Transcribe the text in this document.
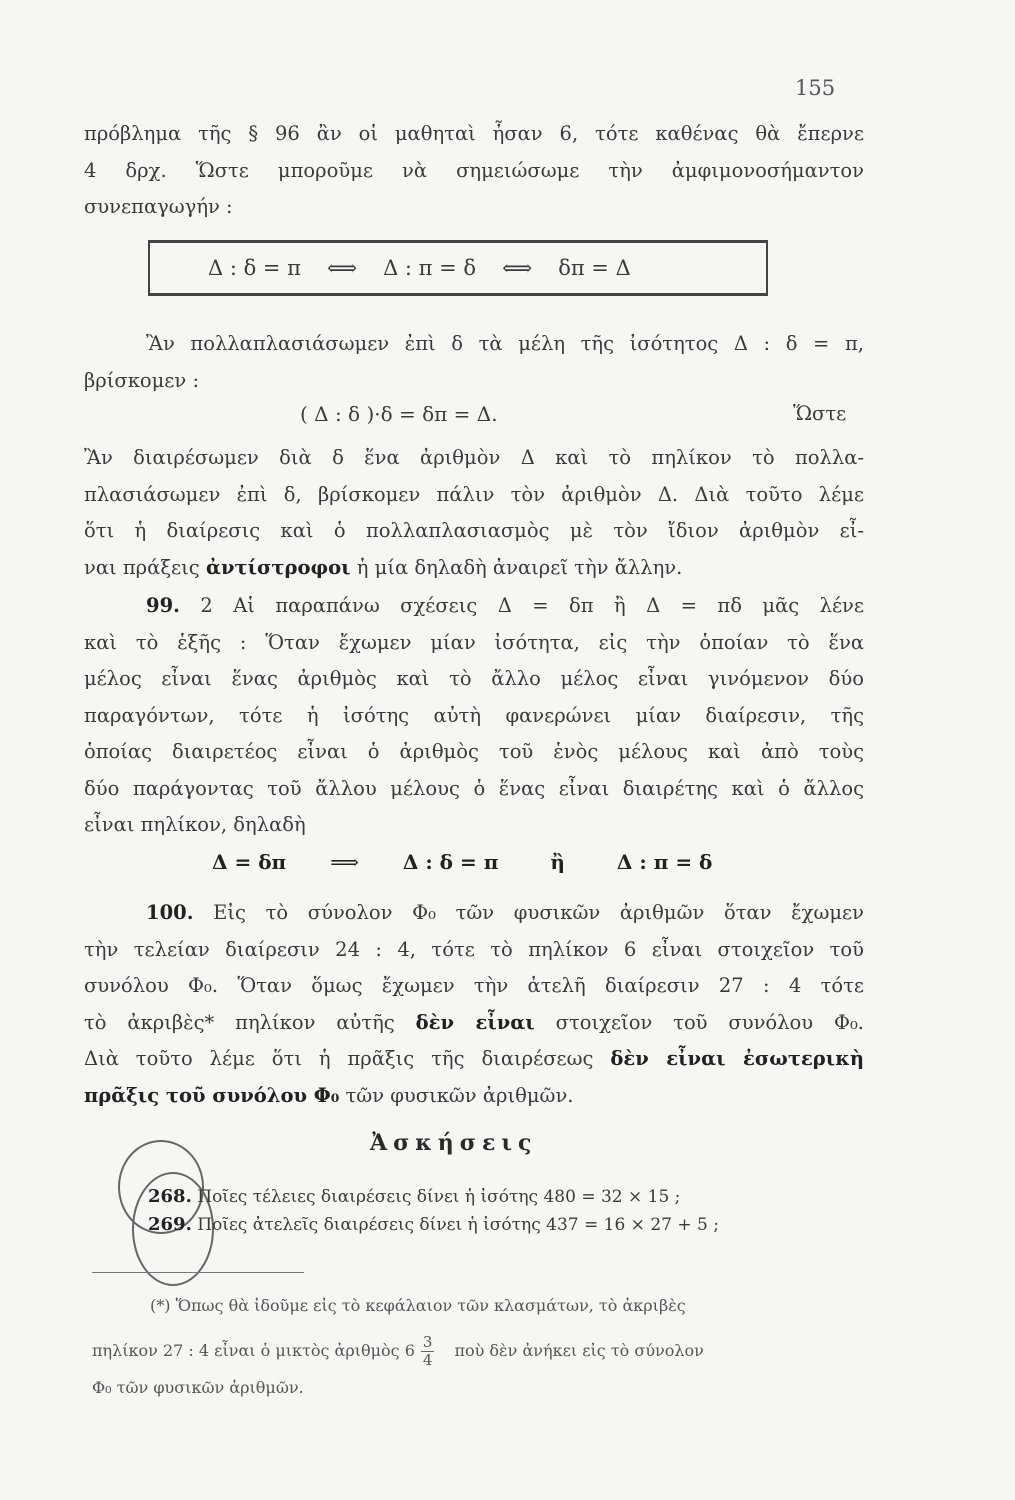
155
πρόβλημα τῆς § 96 ἂν οἱ μαθηταὶ ἦσαν 6, τότε καθένας θὰ ἔπερνε
4 δρχ. Ὥστε μποροῦμε νὰ σημειώσωμε τὴν ἀμφιμονοσήμαντον
συνεπαγωγήν :
Δ : δ = π ⟺ Δ : π = δ ⟺ δπ = Δ
Ἂν πολλαπλασιάσωμεν ἐπὶ δ τὰ μέλη τῆς ἰσότητος Δ : δ = π,
βρίσκομεν :
( Δ : δ )·δ = δπ = Δ.	Ὥστε
Ἂν διαιρέσωμεν διὰ δ ἕνα ἀριθμὸν Δ καὶ τὸ πηλίκον τὸ πολλα-
πλασιάσωμεν ἐπὶ δ, βρίσκομεν πάλιν τὸν ἀριθμὸν Δ. Διὰ τοῦτο λέμε
ὅτι ἡ διαίρεσις καὶ ὁ πολλαπλασιασμὸς μὲ τὸν ἴδιον ἀριθμὸν εἶ-
ναι πράξεις ἀντίστροφοι ἡ μία δηλαδὴ ἀναιρεῖ τὴν ἄλλην.
99. 2 Αἱ παραπάνω σχέσεις Δ = δπ ἢ Δ = πδ μᾶς λένε
καὶ τὸ ἑξῆς : Ὅταν ἔχωμεν μίαν ἰσότητα, εἰς τὴν ὁποίαν τὸ ἕνα
μέλος εἶναι ἕνας ἀριθμὸς καὶ τὸ ἄλλο μέλος εἶναι γινόμενον δύο
παραγόντων, τότε ἡ ἰσότης αὐτὴ φανερώνει μίαν διαίρεσιν, τῆς
ὁποίας διαιρετέος εἶναι ὁ ἀριθμὸς τοῦ ἑνὸς μέλους καὶ ἀπὸ τοὺς
δύο παράγοντας τοῦ ἄλλου μέλους ὁ ἕνας εἶναι διαιρέτης καὶ ὁ ἄλλος
εἶναι πηλίκον, δηλαδὴ
Δ = δπ ⟹ Δ : δ = π	ἢ	Δ : π = δ
100. Εἰς τὸ σύνολον Φ₀ τῶν φυσικῶν ἀριθμῶν ὅταν ἔχωμεν
τὴν τελείαν διαίρεσιν 24 : 4, τότε τὸ πηλίκον 6 εἶναι στοιχεῖον τοῦ
συνόλου Φ₀. Ὅταν ὅμως ἔχωμεν τὴν ἀτελῆ διαίρεσιν 27 : 4 τότε
τὸ ἀκριβὲς* πηλίκον αὐτῆς δὲν εἶναι στοιχεῖον τοῦ συνόλου Φ₀.
Διὰ τοῦτο λέμε ὅτι ἡ πρᾶξις τῆς διαιρέσεως δὲν εἶναι ἐσωτερικὴ
πρᾶξις τοῦ συνόλου Φ₀ τῶν φυσικῶν ἀριθμῶν.
Ἀσκήσεις
268. Ποῖες τέλειες διαιρέσεις δίνει ἡ ἰσότης 480 = 32 × 15 ;
269. Ποῖες ἀτελεῖς διαιρέσεις δίνει ἡ ἰσότης 437 = 16 × 27 + 5 ;
(*) Ὅπως θὰ ἰδοῦμε εἰς τὸ κεφάλαιον τῶν κλασμάτων, τὸ ἀκριβὲς
πηλίκον 27 : 4 εἶναι ὁ μικτὸς ἀριθμὸς $6 \frac{3}{4}$ ποὺ δὲν ἀνήκει εἰς τὸ σύνολον
Φ₀ τῶν φυσικῶν ἀριθμῶν.
